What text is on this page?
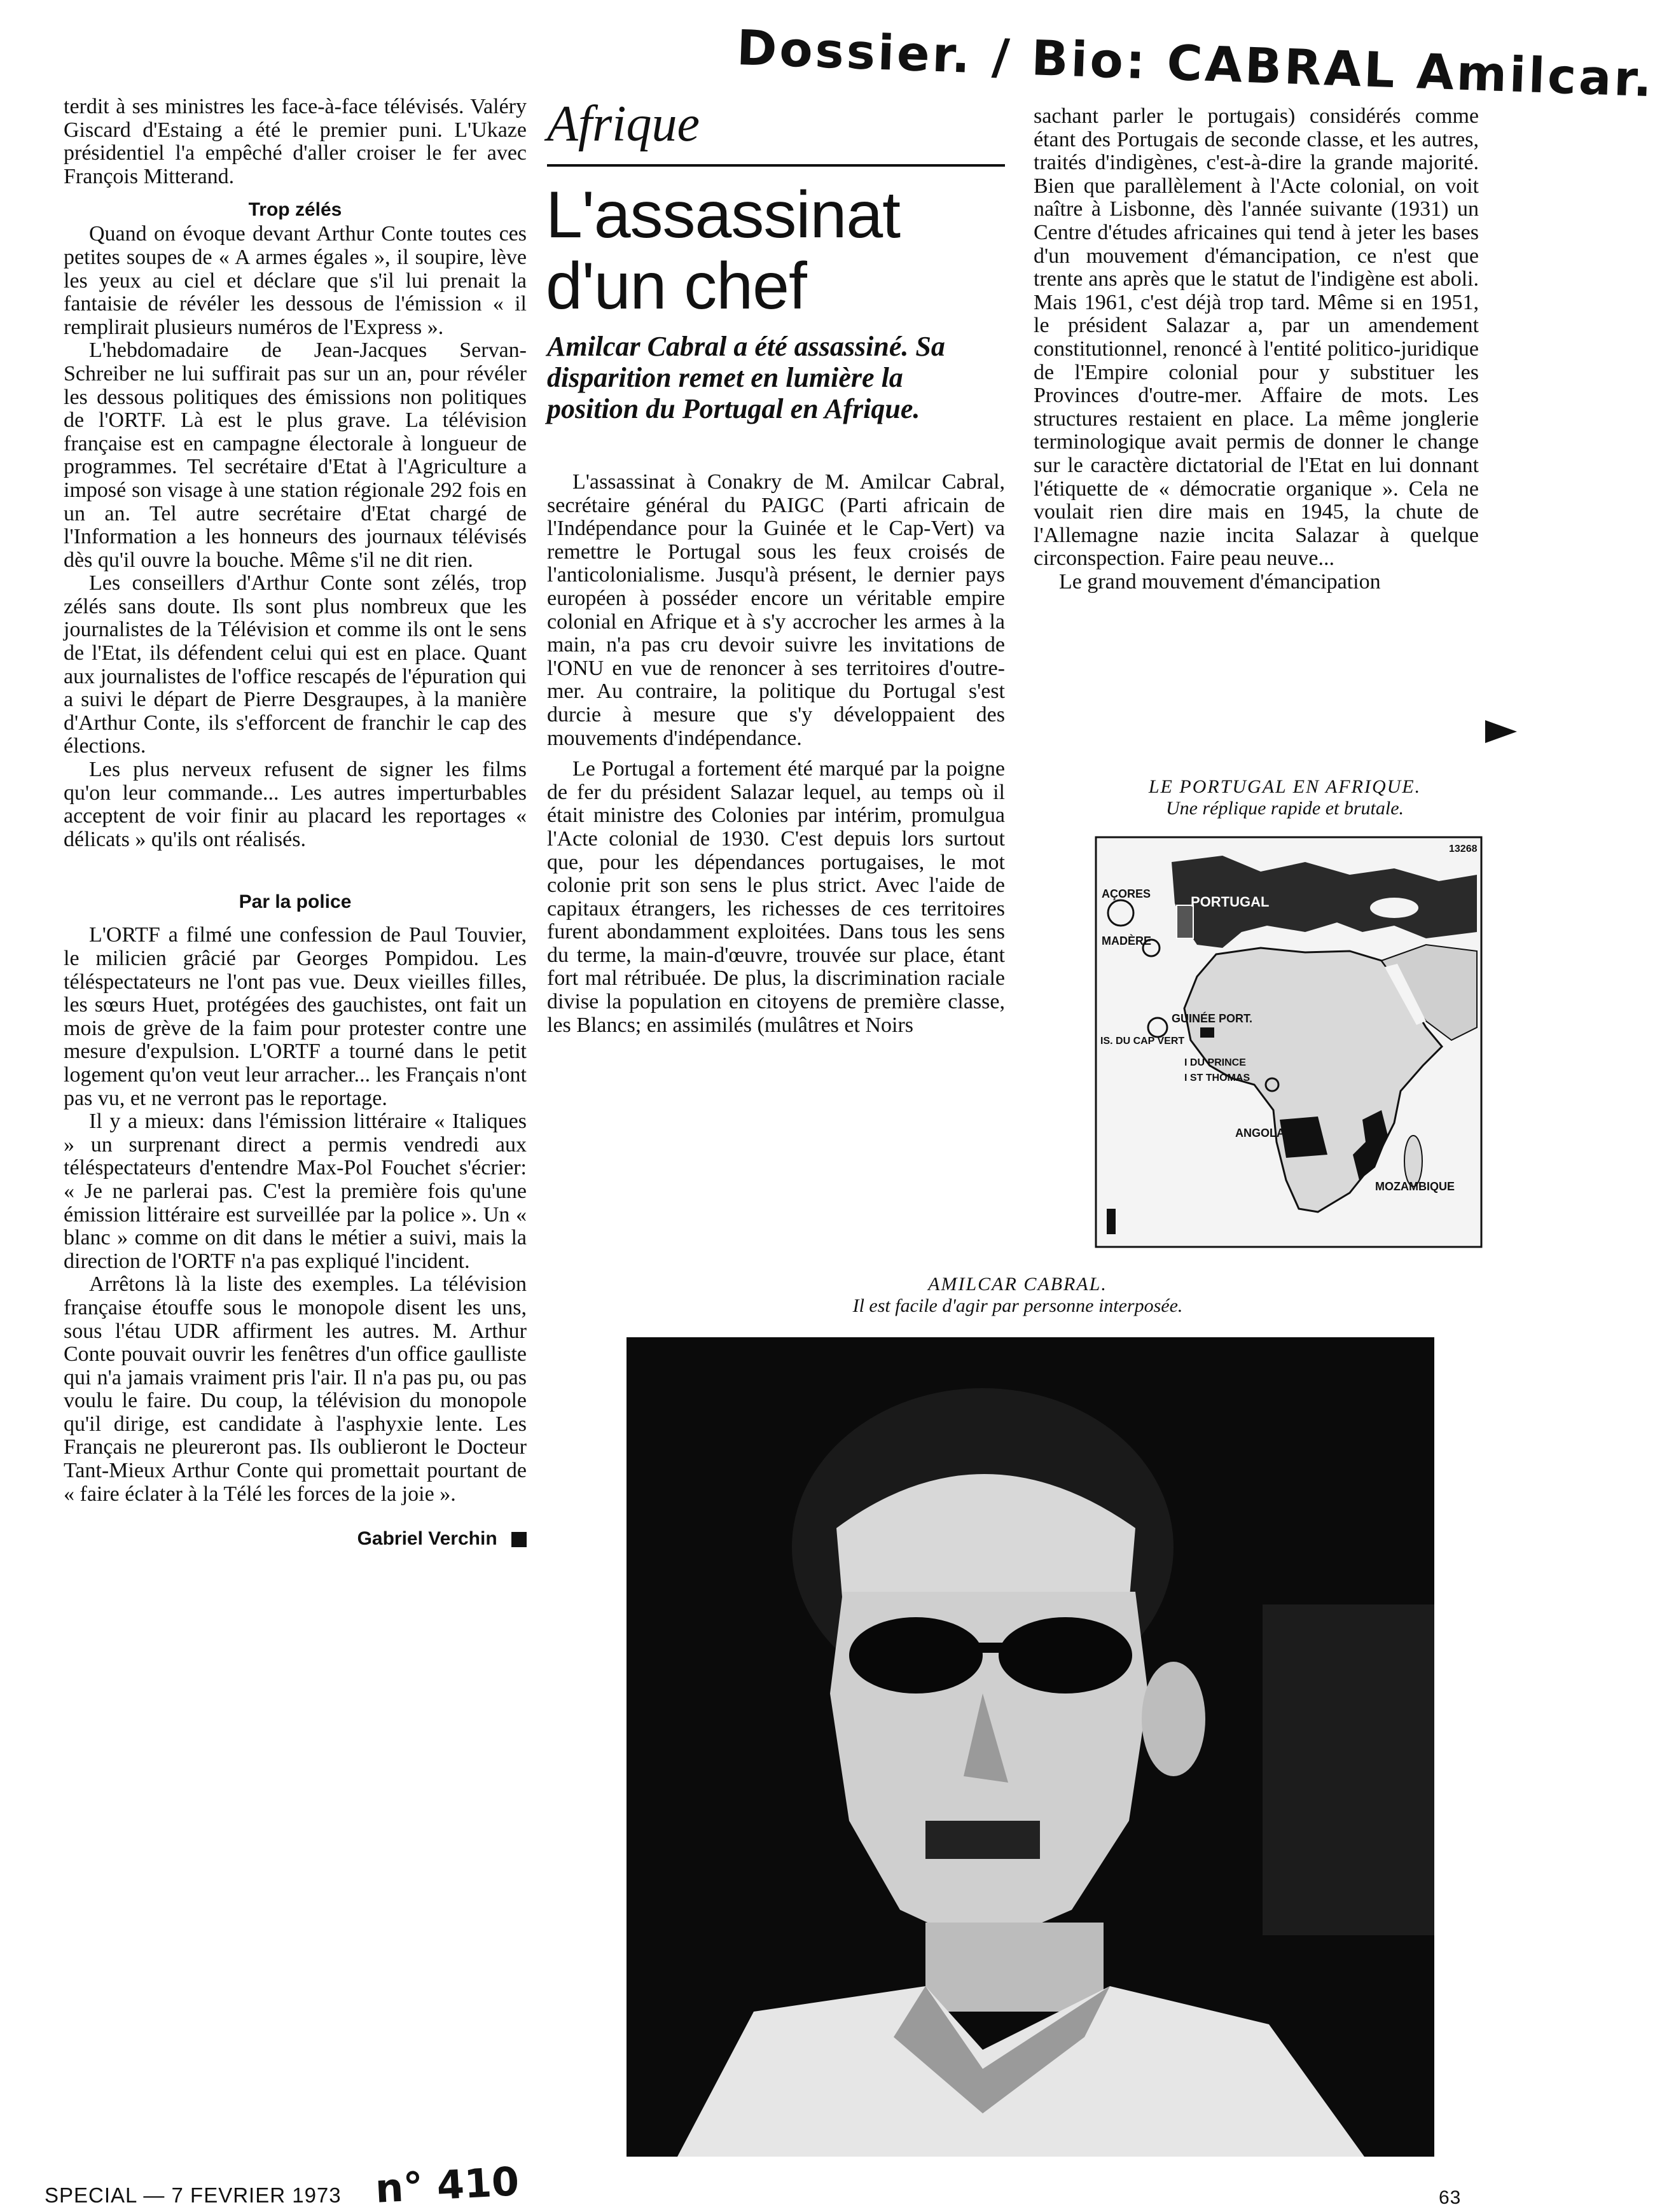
Dossier. / Bio: CABRAL Amilcar.

terdit à ses ministres les face-à-face télévisés. Valéry Giscard d'Estaing a été le premier puni. L'Ukaze présidentiel l'a empêché d'aller croiser le fer avec François Mitterand.

Trop zélés

Quand on évoque devant Arthur Conte toutes ces petites soupes de « A armes égales », il soupire, lève les yeux au ciel et déclare que s'il lui prenait la fantaisie de révéler les dessous de l'émission « il remplirait plusieurs numéros de l'Express ».

L'hebdomadaire de Jean-Jacques Servan-Schreiber ne lui suffirait pas sur un an, pour révéler les dessous politiques des émissions non politiques de l'ORTF. Là est le plus grave. La télévision française est en campagne électorale à longueur de programmes. Tel secrétaire d'Etat à l'Agriculture a imposé son visage à une station régionale 292 fois en un an. Tel autre secrétaire d'Etat chargé de l'Information a les honneurs des journaux télévisés dès qu'il ouvre la bouche. Même s'il ne dit rien.

Les conseillers d'Arthur Conte sont zélés, trop zélés sans doute. Ils sont plus nombreux que les journalistes de la Télévision et comme ils ont le sens de l'Etat, ils défendent celui qui est en place. Quant aux journalistes de l'office rescapés de l'épuration qui a suivi le départ de Pierre Desgraupes, à la manière d'Arthur Conte, ils s'efforcent de franchir le cap des élections.

Les plus nerveux refusent de signer les films qu'on leur commande... Les autres imperturbables acceptent de voir finir au placard les reportages « délicats » qu'ils ont réalisés.

Par la police

L'ORTF a filmé une confession de Paul Touvier, le milicien grâcié par Georges Pompidou. Les téléspectateurs ne l'ont pas vue. Deux vieilles filles, les sœurs Huet, protégées des gauchistes, ont fait un mois de grève de la faim pour protester contre une mesure d'expulsion. L'ORTF a tourné dans le petit logement qu'on veut leur arracher... les Français n'ont pas vu, et ne verront pas le reportage.

Il y a mieux: dans l'émission littéraire « Italiques » un surprenant direct a permis vendredi aux téléspectateurs d'entendre Max-Pol Fouchet s'écrier: « Je ne parlerai pas. C'est la première fois qu'une émission littéraire est surveillée par la police ». Un « blanc » comme on dit dans le métier a suivi, mais la direction de l'ORTF n'a pas expliqué l'incident.

Arrêtons là la liste des exemples. La télévision française étouffe sous le monopole disent les uns, sous l'étau UDR affirment les autres. M. Arthur Conte pouvait ouvrir les fenêtres d'un office gaulliste qui n'a jamais vraiment pris l'air. Il n'a pas pu, ou pas voulu le faire. Du coup, la télévision du monopole qu'il dirige, est candidate à l'asphyxie lente. Les Français ne pleureront pas. Ils oublieront le Docteur Tant-Mieux Arthur Conte qui promettait pourtant de « faire éclater à la Télé les forces de la joie ».

Gabriel Verchin
Afrique
L'assassinat
d'un chef
Amilcar Cabral a été assassiné. Sa disparition remet en lumière la position du Portugal en Afrique.

L'assassinat à Conakry de M. Amilcar Cabral, secrétaire général du PAIGC (Parti africain de l'Indépendance pour la Guinée et le Cap-Vert) va remettre le Portugal sous les feux croisés de l'anticolonialisme. Jusqu'à présent, le dernier pays européen à posséder encore un véritable empire colonial en Afrique et à s'y accrocher les armes à la main, n'a pas cru devoir suivre les invitations de l'ONU en vue de renoncer à ses territoires d'outre-mer. Au contraire, la politique du Portugal s'est durcie à mesure que s'y développaient des mouvements d'indépendance.

Le Portugal a fortement été marqué par la poigne de fer du président Salazar lequel, au temps où il était ministre des Colonies par intérim, promulgua l'Acte colonial de 1930. C'est depuis lors surtout que, pour les dépendances portugaises, le mot colonie prit son sens le plus strict. Avec l'aide de capitaux étrangers, les richesses de ces territoires furent abondamment exploitées. Dans tous les sens du terme, la main-d'œuvre, trouvée sur place, étant fort mal rétribuée. De plus, la discrimination raciale divise la population en citoyens de première classe, les Blancs; en assimilés (mulâtres et Noirs

sachant parler le portugais) considérés comme étant des Portugais de seconde classe, et les autres, traités d'indigènes, c'est-à-dire la grande majorité. Bien que parallèlement à l'Acte colonial, on voit naître à Lisbonne, dès l'année suivante (1931) un Centre d'études africaines qui tend à jeter les bases d'un mouvement d'émancipation, ce n'est que trente ans après que le statut de l'indigène est aboli. Mais 1961, c'est déjà trop tard. Même si en 1951, le président Salazar a, par un amendement constitutionnel, renoncé à l'entité politico-juridique de l'Empire colonial pour y substituer les Provinces d'outre-mer. Affaire de mots. Les structures restaient en place. La même jonglerie terminologique avait permis de donner le change sur le caractère dictatorial de l'Etat en lui donnant l'étiquette de « démocratie organique ». Cela ne voulait rien dire mais en 1945, la chute de l'Allemagne nazie incita Salazar à quelque circonspection. Faire peau neuve...

Le grand mouvement d'émancipation

LE PORTUGAL EN AFRIQUE.
Une réplique rapide et brutale.
13268
AÇORES	PORTUGAL
MADÈRE
GUINÉE PORT.
IS. DU CAP VERT
I DU PRINCE
I ST THOMAS
ANGOLA
MOZAMBIQUE
AMILCAR CABRAL.
Il est facile d'agir par personne interposée.
SPECIAL — 7 FEVRIER 1973 n° 410	63
